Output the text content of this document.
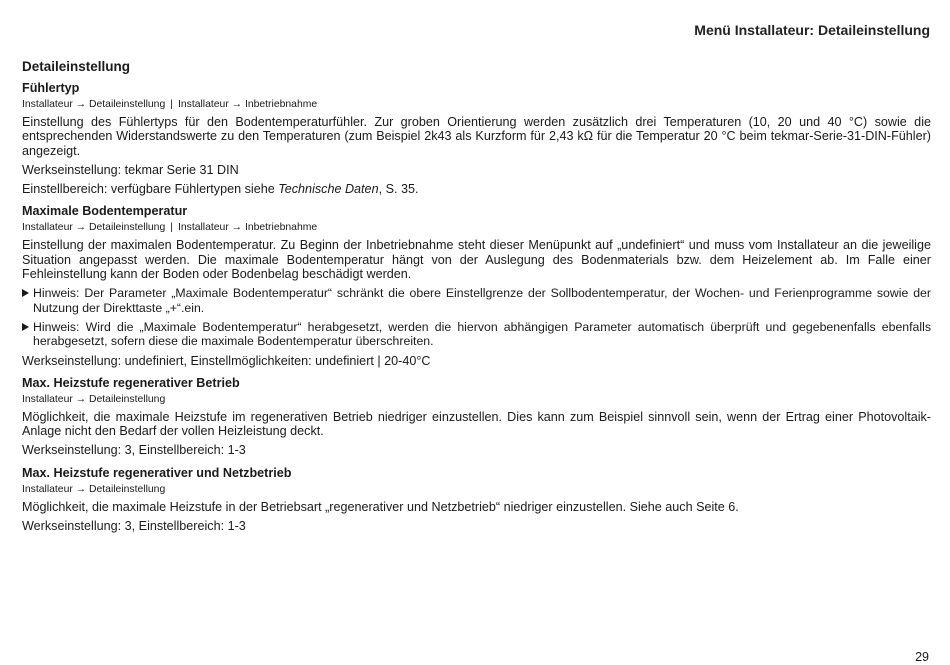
Menü Installateur: Detaileinstellung
Detaileinstellung
Fühlertyp
Installateur → Detaileinstellung | Installateur → Inbetriebnahme

Einstellung des Fühlertyps für den Bodentemperaturfühler. Zur groben Orientierung werden zusätzlich drei Temperaturen (10, 20 und 40 °C) sowie die entsprechenden Widerstandswerte zu den Temperaturen (zum Beispiel 2k43 als Kurzform für 2,43 kΩ für die Temperatur 20 °C beim tekmar-Serie-31-DIN-Fühler) angezeigt.

Werkseinstellung: tekmar Serie 31 DIN

Einstellbereich: verfügbare Fühlertypen siehe Technische Daten, S. 35.

Maximale Bodentemperatur
Installateur → Detaileinstellung | Installateur → Inbetriebnahme

Einstellung der maximalen Bodentemperatur. Zu Beginn der Inbetriebnahme steht dieser Menüpunkt auf „undefiniert“ und muss vom Installateur an die jeweilige Situation angepasst werden. Die maximale Bodentemperatur hängt von der Auslegung des Bodenmaterials bzw. dem Heizelement ab. Im Falle einer Fehleinstellung kann der Boden oder Bodenbelag beschädigt werden.

Hinweis: Der Parameter „Maximale Bodentemperatur“ schränkt die obere Einstellgrenze der Sollbodentemperatur, der Wochen- und Ferienprogramme sowie der Nutzung der Direkttaste „+“.ein.
Hinweis: Wird die „Maximale Bodentemperatur“ herabgesetzt, werden die hiervon abhängigen Parameter automatisch überprüft und gegebenenfalls ebenfalls herabgesetzt, sofern diese die maximale Bodentemperatur überschreiten.

Werkseinstellung: undefiniert, Einstellmöglichkeiten: undefiniert | 20-40°C

Max. Heizstufe regenerativer Betrieb
Installateur → Detaileinstellung

Möglichkeit, die maximale Heizstufe im regenerativen Betrieb niedriger einzustellen. Dies kann zum Beispiel sinnvoll sein, wenn der Ertrag einer Photovoltaik-Anlage nicht den Bedarf der vollen Heizleistung deckt.

Werkseinstellung: 3, Einstellbereich: 1-3

Max. Heizstufe regenerativer und Netzbetrieb
Installateur → Detaileinstellung

Möglichkeit, die maximale Heizstufe in der Betriebsart „regenerativer und Netzbetrieb“ niedriger einzustellen. Siehe auch Seite 6.

Werkseinstellung: 3, Einstellbereich: 1-3

29
